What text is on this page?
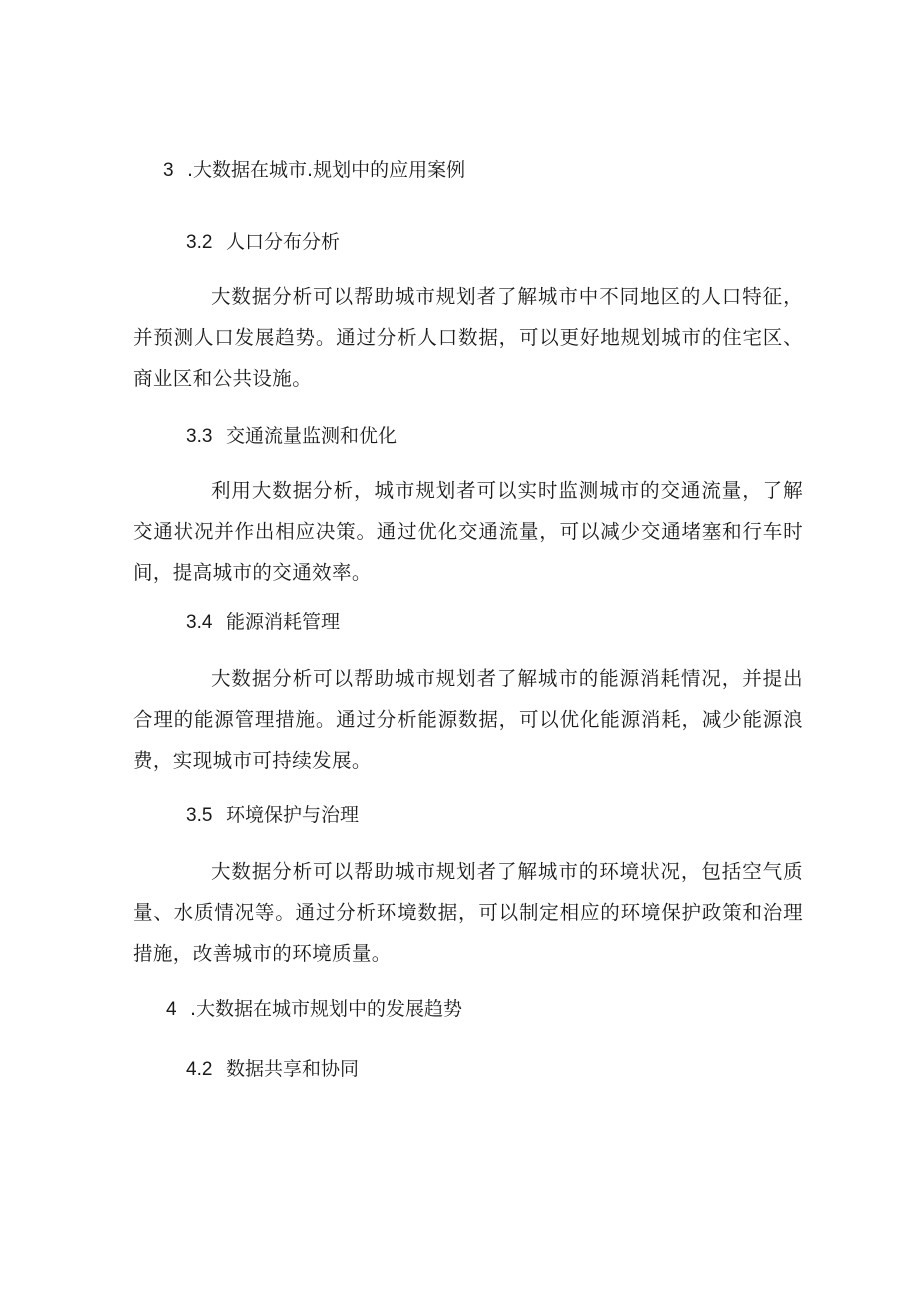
3 .大数据在城市.规划中的应用案例
3.2 人口分布分析
大数据分析可以帮助城市规划者了解城市中不同地区的人口特征，并预测人口发展趋势。通过分析人口数据，可以更好地规划城市的住宅区、商业区和公共设施。
3.3 交通流量监测和优化
利用大数据分析，城市规划者可以实时监测城市的交通流量，了解交通状况并作出相应决策。通过优化交通流量，可以减少交通堵塞和行车时间，提高城市的交通效率。
3.4 能源消耗管理
大数据分析可以帮助城市规划者了解城市的能源消耗情况，并提出合理的能源管理措施。通过分析能源数据，可以优化能源消耗，减少能源浪费，实现城市可持续发展。
3.5 环境保护与治理
大数据分析可以帮助城市规划者了解城市的环境状况，包括空气质量、水质情况等。通过分析环境数据，可以制定相应的环境保护政策和治理措施，改善城市的环境质量。
4 .大数据在城市规划中的发展趋势
4.2 数据共享和协同
